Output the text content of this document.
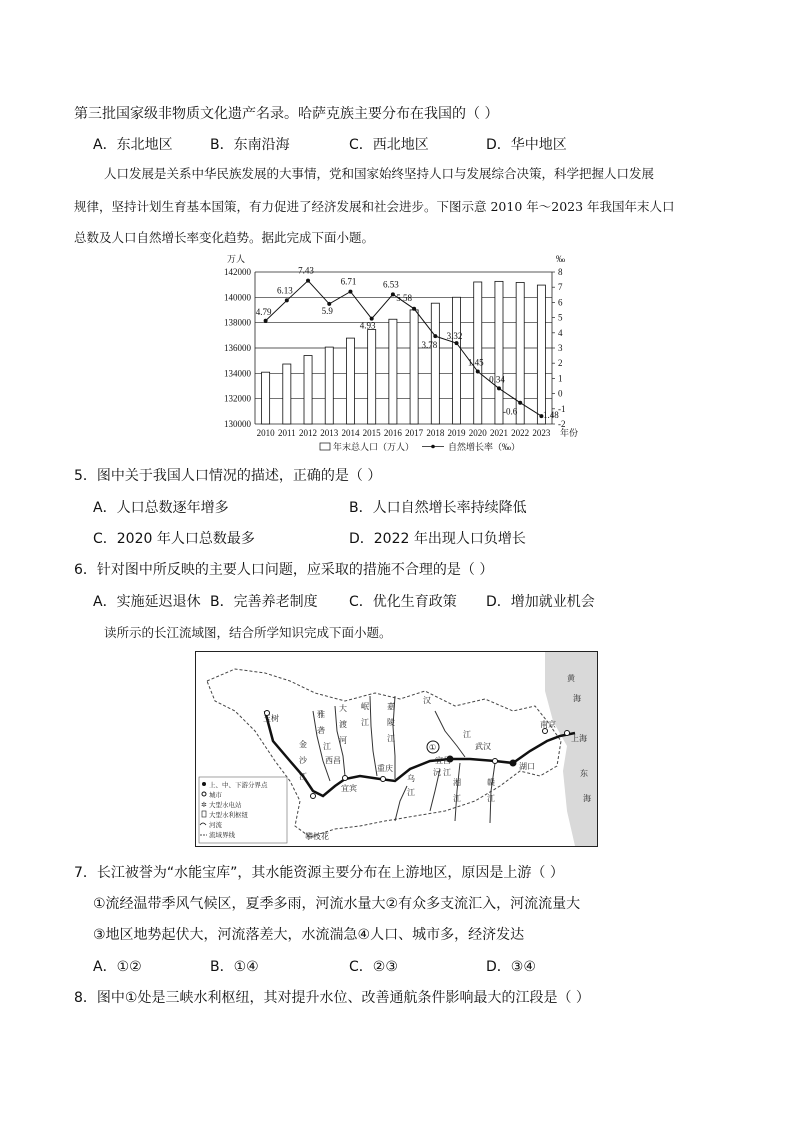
第三批国家级非物质文化遗产名录。哈萨克族主要分布在我国的（ ）
A．东北地区	B．东南沿海	C．西北地区	D．华中地区
人口发展是关系中华民族发展的大事情，党和国家始终坚持人口与发展综合决策，科学把握人口发展
规律，坚持计划生育基本国策，有力促进了经济发展和社会进步。下图示意 2010 年～2023 年我国年末人口
总数及人口自然增长率变化趋势。据此完成下面小题。
130000
132000
134000
136000
138000
140000
142000
-2
-1
0
1
2
3
4
5
6
7
8
万人	‰
2010 2011 2012 2013 2014 2015 2016 2017 2018 2019 2020 2021 2022 2023 年份
4.79
6.13
7.43
5.9
6.71
4.93
6.53
5.58
3.78
3.32
1.45
0.34
-0.6	-1.48
年末总人口（万人）	自然增长率（‰）
5．图中关于我国人口情况的描述，正确的是（ ）
A．人口总数逐年增多	B．人口自然增长率持续降低
C．2020 年人口总数最多	D．2022 年出现人口负增长
6．针对图中所反映的主要人口问题，应采取的措施不合理的是（ ）
A．实施延迟退休 B．完善养老制度 C．优化生育政策 D．增加就业机会
读所示的长江流域图，结合所学知识完成下面小题。
黄
海
东
海
玉树
金
沙
江
雅
砻
江
大
渡
河
岷
江
嘉
陵
江
汉
江
①
宜昌
武汉
湖口
上海
南京
重庆
宜宾
乌
江
沅 江
湘
江
赣
江
攀枝花
西昌
上、中、下游分界点
城市
✲ 大型水电站
大型水利枢纽
河流
流域界线
7．长江被誉为“水能宝库”，其水能资源主要分布在上游地区，原因是上游（ ）
①流经温带季风气候区，夏季多雨，河流水量大②有众多支流汇入，河流流量大
③地区地势起伏大，河流落差大，水流湍急④人口、城市多，经济发达
A．①②	B．①④	C．②③	D．③④
8．图中①处是三峡水利枢纽，其对提升水位、改善通航条件影响最大的江段是（ ）
